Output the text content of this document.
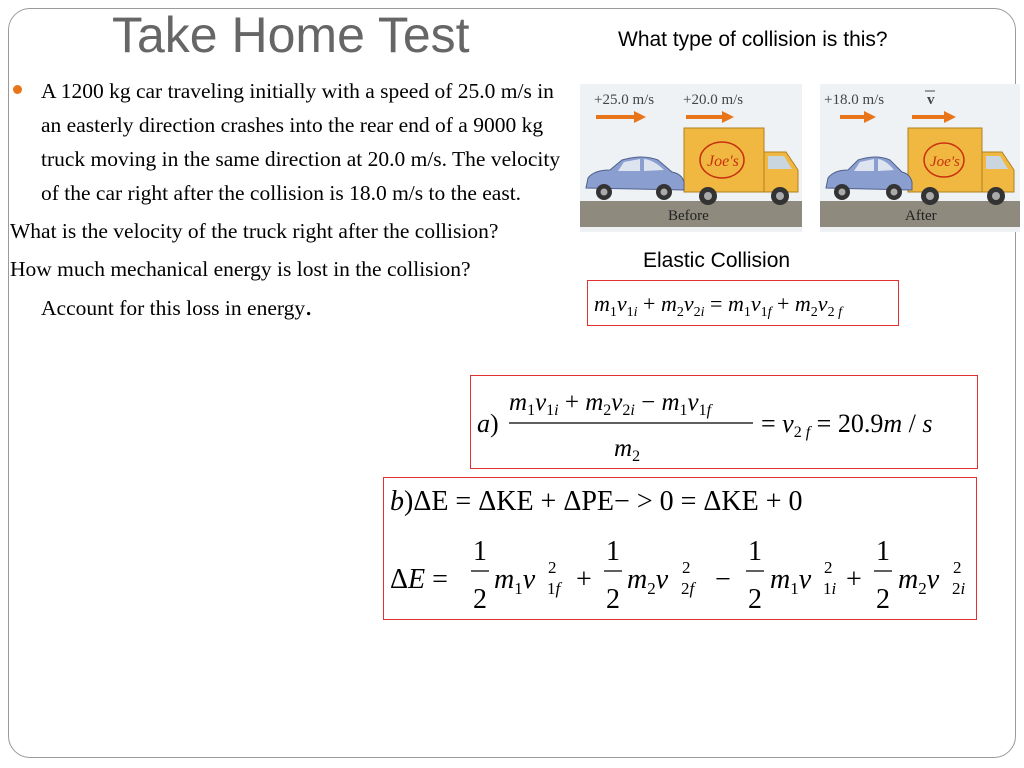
Take Home Test	What type of collision is this?
A 1200 kg car traveling initially with a speed of 25.0 m/s in an easterly direction crashes into the rear end of a 9000 kg truck moving in the same direction at 20.0 m/s. The velocity of the car right after the collision is 18.0 m/s to the east.
What is the velocity of the truck right after the collision?
How much mechanical energy is lost in the collision?
Account for this loss in energy.
+25.0 m/s +20.0 m/s
Joe's
Before
+18.0 m/s	v
Joe's
After
Elastic Collision
$m_1v_{1i} + m_2v_{2i} = m_1v_{1f} + m_2v_{2 f}$
a)
$m_1v_{1i} + m_2v_{2i} - m_1v_{1f}$
$m_2$
= v2 f = 20.9m / s
b)ΔE = ΔKE + ΔPE− > 0 = ΔKE + 0
ΔE =
1
2
$m_1v$ 2
1f +
1
2
$m_2v$ 2
2f −
1
2
$m_1v$ 2
1i +
1
2
$m_2v$ 2
2i
